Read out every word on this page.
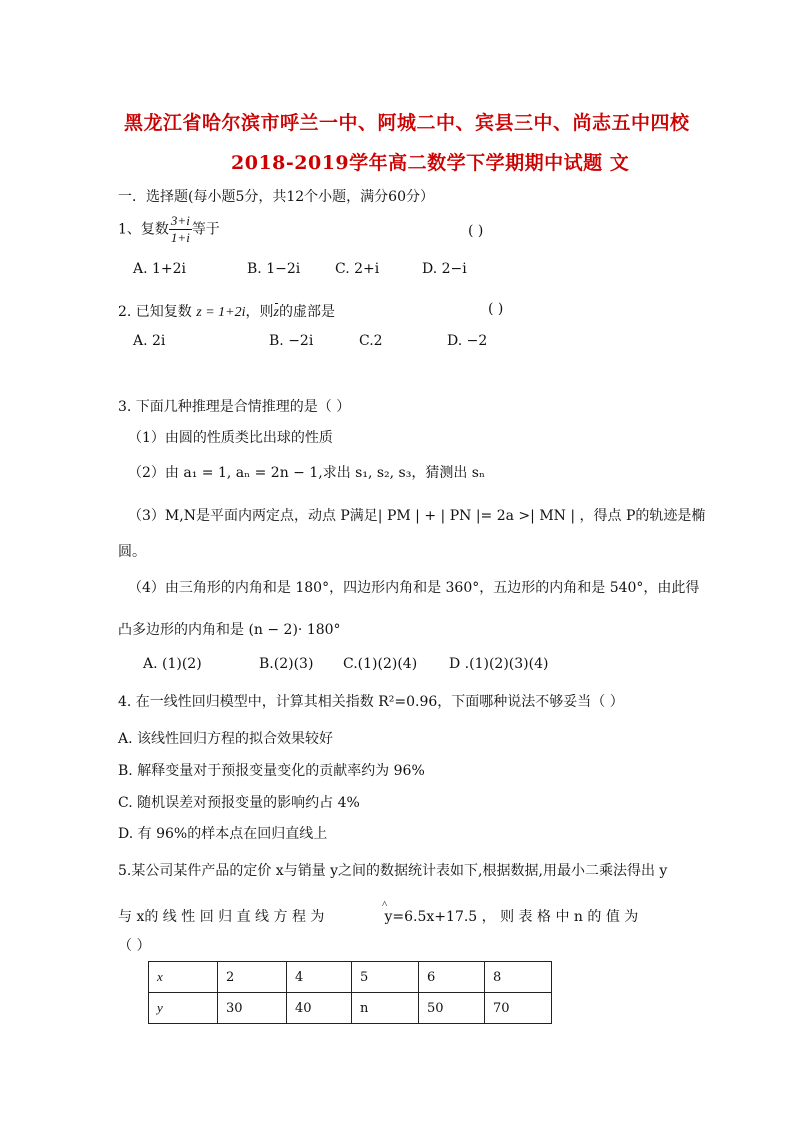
黑龙江省哈尔滨市呼兰一中、阿城二中、宾县三中、尚志五中四校
2018-2019学年高二数学下学期期中试题 文
一．选择题(每小题5分，共12个小题，满分60分）
1、复数 $\frac{3+i}{1+i}$ 等于	( )
A. 1+2i	B. 1−2i C. 2+i	D. 2−i
2. 已知复数 z = 1+2i，则z的虚部是	( )
A. 2i	B. −2i	C.2	D. −2
3. 下面几种推理是合情推理的是（ ）
（1）由圆的性质类比出球的性质
（2）由 a₁ = 1, aₙ = 2n − 1,求出 s₁, s₂, s₃，猜测出 sₙ
（3）M,N是平面内两定点，动点 P满足| PM | + | PN |= 2a >| MN | ，得点 P的轨迹是椭
圆。
（4）由三角形的内角和是 180°，四边形内角和是 360°，五边形的内角和是 540°，由此得
凸多边形的内角和是 (n − 2)· 180°
A. (1)(2)	B.(2)(3) C.(1)(2)(4) D .(1)(2)(3)(4)
4. 在一线性回归模型中，计算其相关指数 R²=0.96，下面哪种说法不够妥当（ ）
A. 该线性回归方程的拟合效果较好
B. 解释变量对于预报变量变化的贡献率约为 96%
C. 随机误差对预报变量的影响约占 4%
D. 有 96%的样本点在回归直线上
5.某公司某件产品的定价 x与销量 y之间的数据统计表如下,根据数据,用最小二乘法得出 y
与 x的 线 性 回 归 直 线 方 程 为 ^	y=6.5x+17.5 ， 则 表 格 中 n 的 值 为
（ ）
x	2	4	5	6	8
y	30	40	n	50	70
